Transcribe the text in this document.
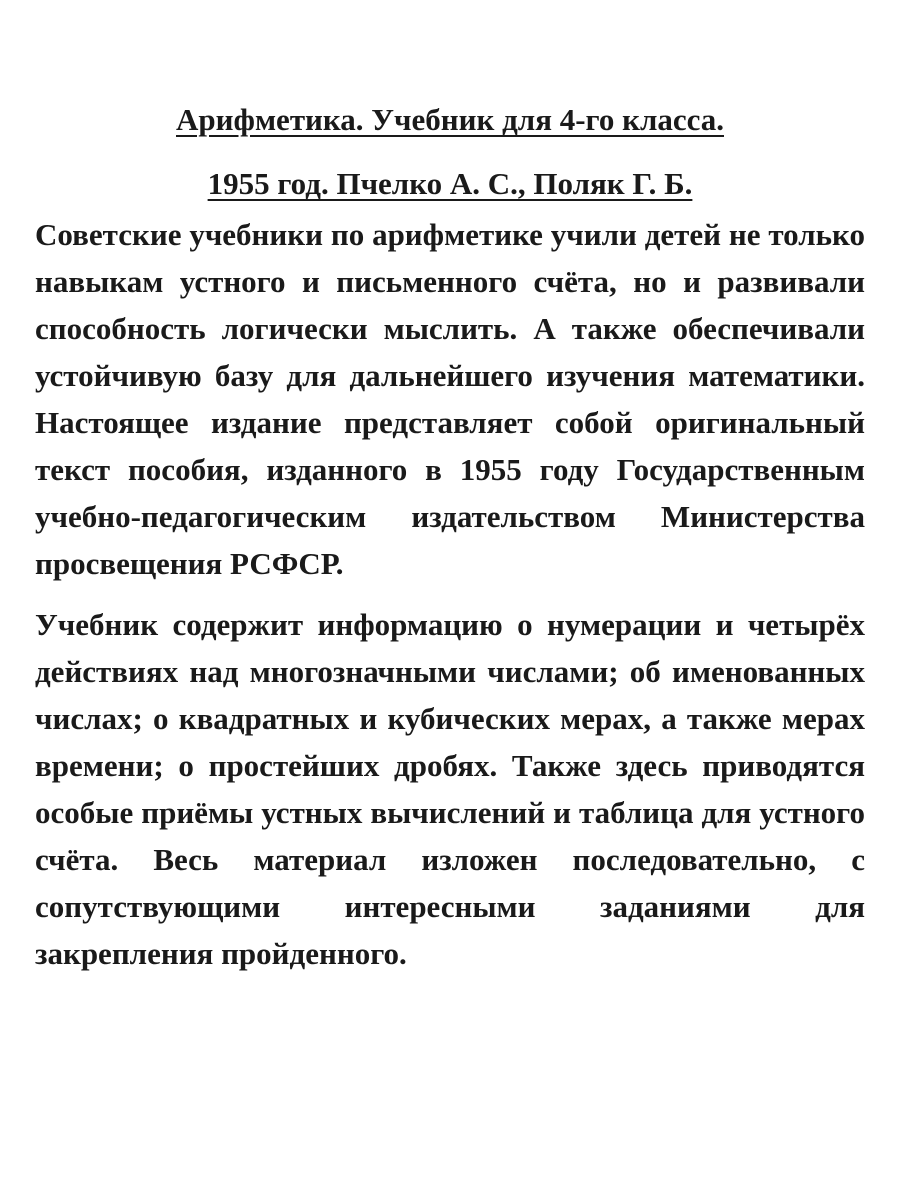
Арифметика. Учебник для 4-го класса.

1955 год. Пчелко А. С., Поляк Г. Б.

Советские учебники по арифметике учили детей не только навыкам устного и письменного счёта, но и развивали способность логически мыслить. А также обеспечивали устойчивую базу для дальнейшего изучения математики. Настоящее издание представляет собой оригинальный текст пособия, изданного в 1955 году Государственным учебно-педагогическим издательством Министерства просвещения РСФСР.

Учебник содержит информацию о нумерации и четырёх действиях над многозначными числами; об именованных числах; о квадратных и кубических мерах, а также мерах времени; о простейших дробях. Также здесь приводятся особые приёмы устных вычислений и таблица для устного счёта. Весь материал изложен последовательно, с сопутствующими интересными заданиями для закрепления пройденного.
